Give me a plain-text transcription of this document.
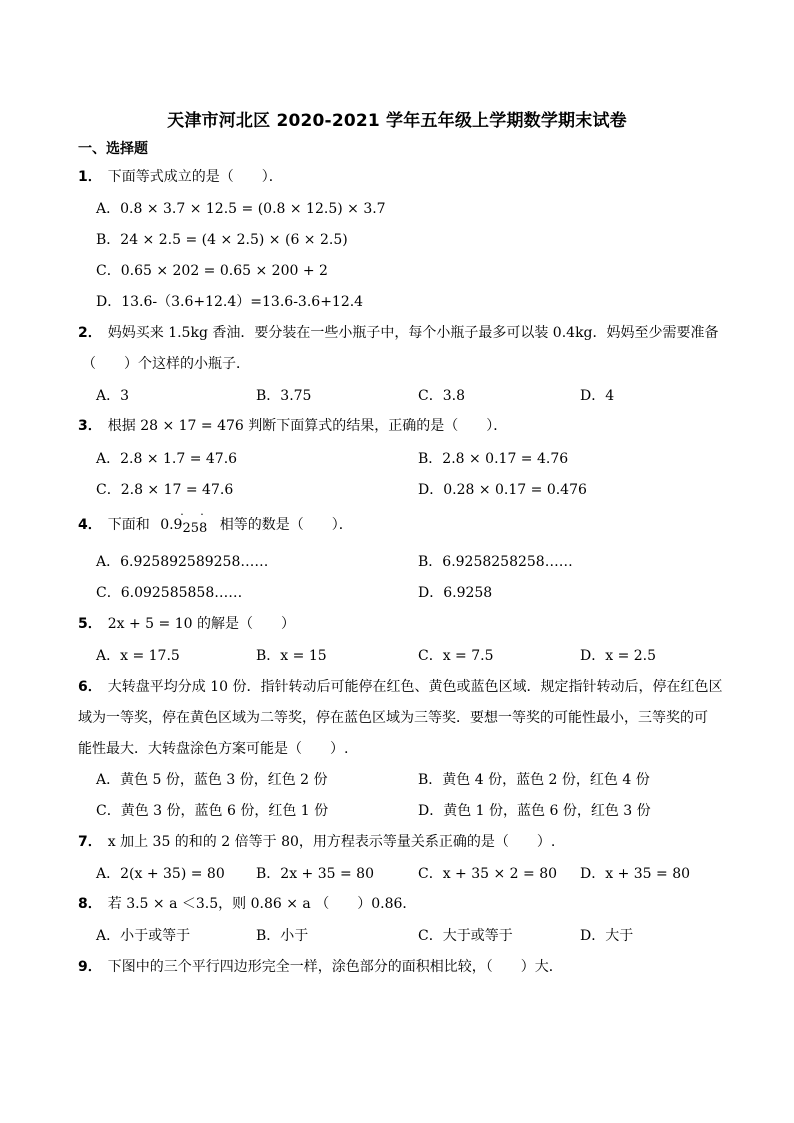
天津市河北区 2020-2021 学年五年级上学期数学期末试卷
一、选择题
1． 下面等式成立的是（　　）．
A．0.8 × 3.7 × 12.5 = (0.8 × 12.5) × 3.7
B．24 × 2.5 = (4 × 2.5) × (6 × 2.5)
C．0.65 × 202 = 0.65 × 200 + 2
D．13.6-（3.6+12.4）=13.6-3.6+12.4
2． 妈妈买来 1.5kg 香油．要分装在一些小瓶子中，每个小瓶子最多可以装 0.4kg．妈妈至少需要准备
（　　）个这样的小瓶子．
A．3	B．3.75	C．3.8	D．4
3． 根据 28 × 17 = 476 判断下面算式的结果，正确的是（　　）．
A．2.8 × 1.7 = 47.6	B．2.8 × 0.17 = 4.76
C．2.8 × 17 = 47.6	D．0.28 × 0.17 = 0.476
4． 下面和 0.9258
· ·
相等的数是（　　）．
A．6.925892589258……	B．6.9258258258……
C．6.092585858……	D．6.9258
5． 2x + 5 = 10 的解是（　　）
A．x = 17.5	B．x = 15	C．x = 7.5	D．x = 2.5
6． 大转盘平均分成 10 份．指针转动后可能停在红色、黄色或蓝色区域．规定指针转动后，停在红色区
域为一等奖，停在黄色区域为二等奖，停在蓝色区域为三等奖．要想一等奖的可能性最小，三等奖的可
能性最大．大转盘涂色方案可能是（　　）.
A．黄色 5 份，蓝色 3 份，红色 2 份	B．黄色 4 份，蓝色 2 份，红色 4 份
C．黄色 3 份，蓝色 6 份，红色 1 份	D．黄色 1 份，蓝色 6 份，红色 3 份
7． x 加上 35 的和的 2 倍等于 80，用方程表示等量关系正确的是（　　）.
A．2(x + 35) = 80 B．2x + 35 = 80	C．x + 35 × 2 = 80 D．x + 35 = 80
8． 若 3.5 × a ＜3.5，则 0.86 × a （　　）0.86．
A．小于或等于	B．小于	C．大于或等于	D．大于
9． 下图中的三个平行四边形完全一样，涂色部分的面积相比较，（　　）大．
